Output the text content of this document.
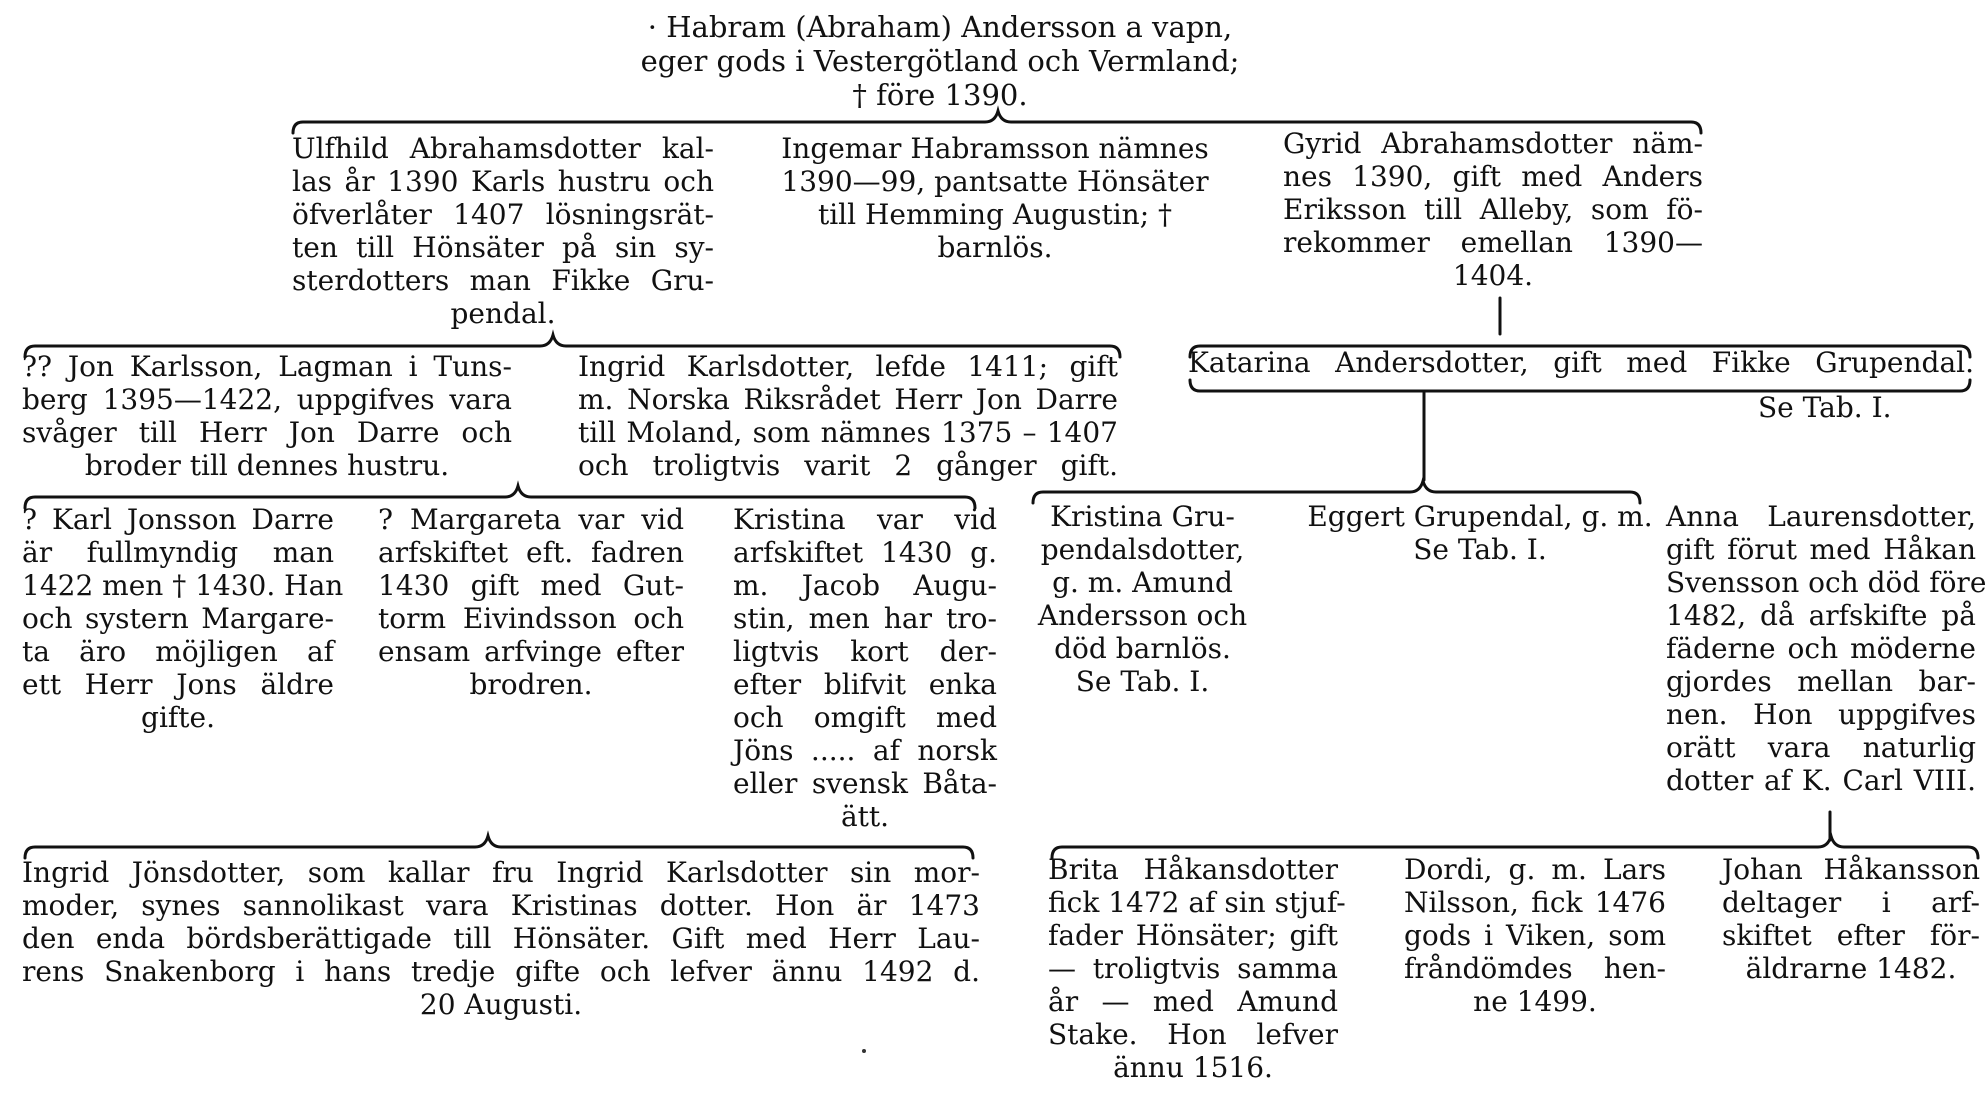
· Habram (Abraham) Andersson a vapn,
eger gods i Vestergötland och Vermland;
† före 1390.
Ulfhild Abrahamsdotter kal-
las år 1390 Karls hustru och
öfverlåter 1407 lösningsrät-
ten till Hönsäter på sin sy-
sterdotters man Fikke Gru-
pendal.
Ingemar Habramsson nämnes
1390—99, pantsatte Hönsäter
till Hemming Augustin; †
barnlös.
Gyrid Abrahamsdotter näm-
nes 1390, gift med Anders
Eriksson till Alleby, som fö-
rekommer emellan 1390—
1404.
?? Jon Karlsson, Lagman i Tuns-
berg 1395—1422, uppgifves vara
svåger till Herr Jon Darre och
broder till dennes hustru.
Ingrid Karlsdotter, lefde 1411; gift
m. Norska Riksrådet Herr Jon Darre
till Moland, som nämnes 1375 – 1407
och troligtvis varit 2 gånger gift.
Katarina Andersdotter, gift med Fikke Grupendal.
Se Tab. I.
? Karl Jonsson Darre
är fullmyndig man
1422 men † 1430. Han
och systern Margare-
ta äro möjligen af
ett Herr Jons äldre
gifte.
? Margareta var vid
arfskiftet eft. fadren
1430 gift med Gut-
torm Eivindsson och
ensam arfvinge efter
brodren.
Kristina var vid
arfskiftet 1430 g.
m. Jacob Augu-
stin, men har tro-
ligtvis kort der-
efter blifvit enka
och omgift med
Jöns ..... af norsk
eller svensk Båta-
ätt.
Kristina Gru-
pendalsdotter,
g. m. Amund
Andersson och
död barnlös.
Se Tab. I.
Eggert Grupendal, g. m.
Se Tab. I.
Anna Laurensdotter,
gift förut med Håkan
Svensson och död före
1482, då arfskifte på
fäderne och möderne
gjordes mellan bar-
nen. Hon uppgifves
orätt vara naturlig
dotter af K. Carl VIII.
Ingrid Jönsdotter, som kallar fru Ingrid Karlsdotter sin mor-
moder, synes sannolikast vara Kristinas dotter. Hon är 1473
den enda bördsberättigade till Hönsäter. Gift med Herr Lau-
rens Snakenborg i hans tredje gifte och lefver ännu 1492 d.
20 Augusti.
Brita Håkansdotter
fick 1472 af sin stjuf-
fader Hönsäter; gift
— troligtvis samma
år — med Amund
Stake. Hon lefver
ännu 1516.
Dordi, g. m. Lars
Nilsson, fick 1476
gods i Viken, som
fråndömdes hen-
ne 1499.
Johan Håkansson
deltager i arf-
skiftet efter för-
äldrarne 1482.
